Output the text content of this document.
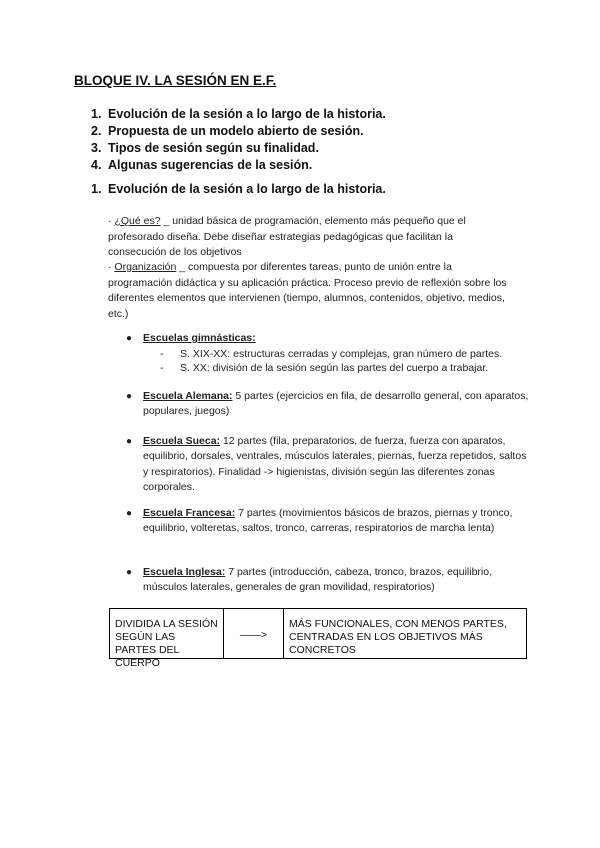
BLOQUE IV. LA SESIÓN EN E.F.
1. Evolución de la sesión a lo largo de la historia.
2. Propuesta de un modelo abierto de sesión.
3. Tipos de sesión según su finalidad.
4. Algunas sugerencias de la sesión.
1. Evolución de la sesión a lo largo de la historia.
· ¿Qué es? _ unidad básica de programación, elemento más pequeño que el profesorado diseña. Debe diseñar estrategias pedagógicas que facilitan la consecución de los objetivos
· Organización _ compuesta por diferentes tareas, punto de unión entre la programación didáctica y su aplicación práctica. Proceso previo de reflexión sobre los diferentes elementos que intervienen (tiempo, alumnos, contenidos, objetivo, medios, etc.)
● Escuelas gimnásticas:
- S. XIX-XX: estructuras cerradas y complejas, gran número de partes.
- S. XX: división de la sesión según las partes del cuerpo a trabajar.
● Escuela Alemana: 5 partes (ejercicios en fila, de desarrollo general, con aparatos, populares, juegos)
● Escuela Sueca: 12 partes (fila, preparatorios, de fuerza, fuerza con aparatos, equilibrio, dorsales, ventrales, músculos laterales, piernas, fuerza repetidos, saltos y respiratorios). Finalidad -> higienistas, división según las diferentes zonas corporales.
● Escuela Francesa: 7 partes (movimientos básicos de brazos, piernas y tronco, equilibrio, volteretas, saltos, tronco, carreras, respiratorios de marcha lenta)
● Escuela Inglesa: 7 partes (introducción, cabeza, tronco, brazos, equilibrio, músculos laterales, generales de gran movilidad, respiratorios)
DIVIDIDA LA SESIÓN SEGÚN LAS PARTES DEL CUERPO
——>
MÁS FUNCIONALES, CON MENOS PARTES, CENTRADAS EN LOS OBJETIVOS MÁS CONCRETOS
